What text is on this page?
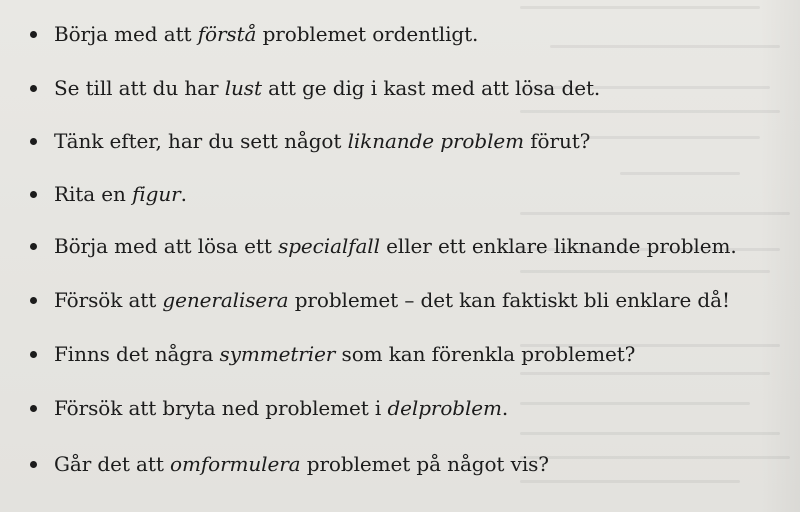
Börja med att förstå problemet ordentligt.
Se till att du har lust att ge dig i kast med att lösa det.
Tänk efter, har du sett något liknande problem förut?
Rita en figur.
Börja med att lösa ett specialfall eller ett enklare liknande problem.
Försök att generalisera problemet – det kan faktiskt bli enklare då!
Finns det några symmetrier som kan förenkla problemet?
Försök att bryta ned problemet i delproblem.
Går det att omformulera problemet på något vis?
